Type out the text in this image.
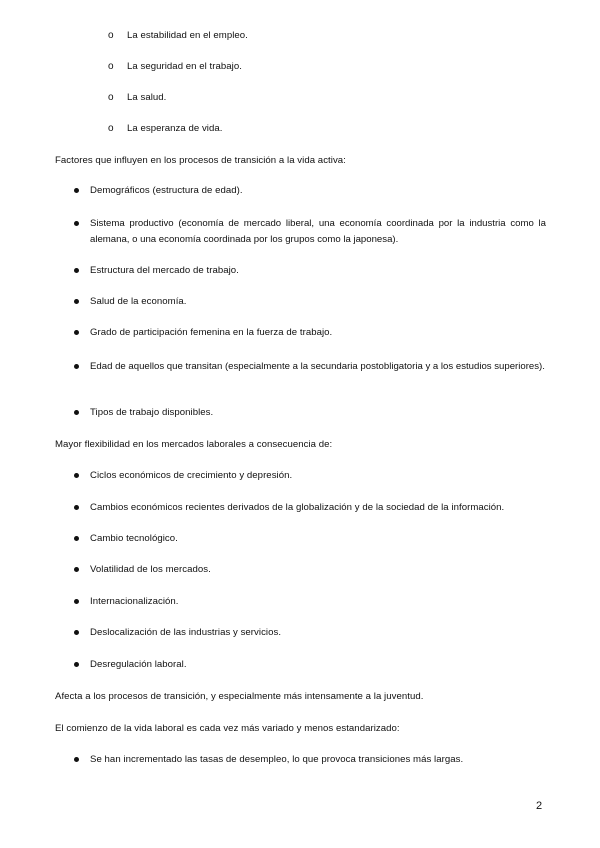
o La estabilidad en el empleo.
o La seguridad en el trabajo.
o La salud.
o La esperanza de vida.
Factores que influyen en los procesos de transición a la vida activa:
Demográficos (estructura de edad).
Sistema productivo (economía de mercado liberal, una economía coordinada por la industria como la alemana, o una economía coordinada por los grupos como la japonesa).
Estructura del mercado de trabajo.
Salud de la economía.
Grado de participación femenina en la fuerza de trabajo.
Edad de aquellos que transitan (especialmente a la secundaria postobligatoria y a los estudios superiores).
Tipos de trabajo disponibles.
Mayor flexibilidad en los mercados laborales a consecuencia de:
Ciclos económicos de crecimiento y depresión.
Cambios económicos recientes derivados de la globalización y de la sociedad de la información.
Cambio tecnológico.
Volatilidad de los mercados.
Internacionalización.
Deslocalización de las industrias y servicios.
Desregulación laboral.
Afecta a los procesos de transición, y especialmente más intensamente a la juventud.
El comienzo de la vida laboral es cada vez más variado y menos estandarizado:
Se han incrementado las tasas de desempleo, lo que provoca transiciones más largas.
2
